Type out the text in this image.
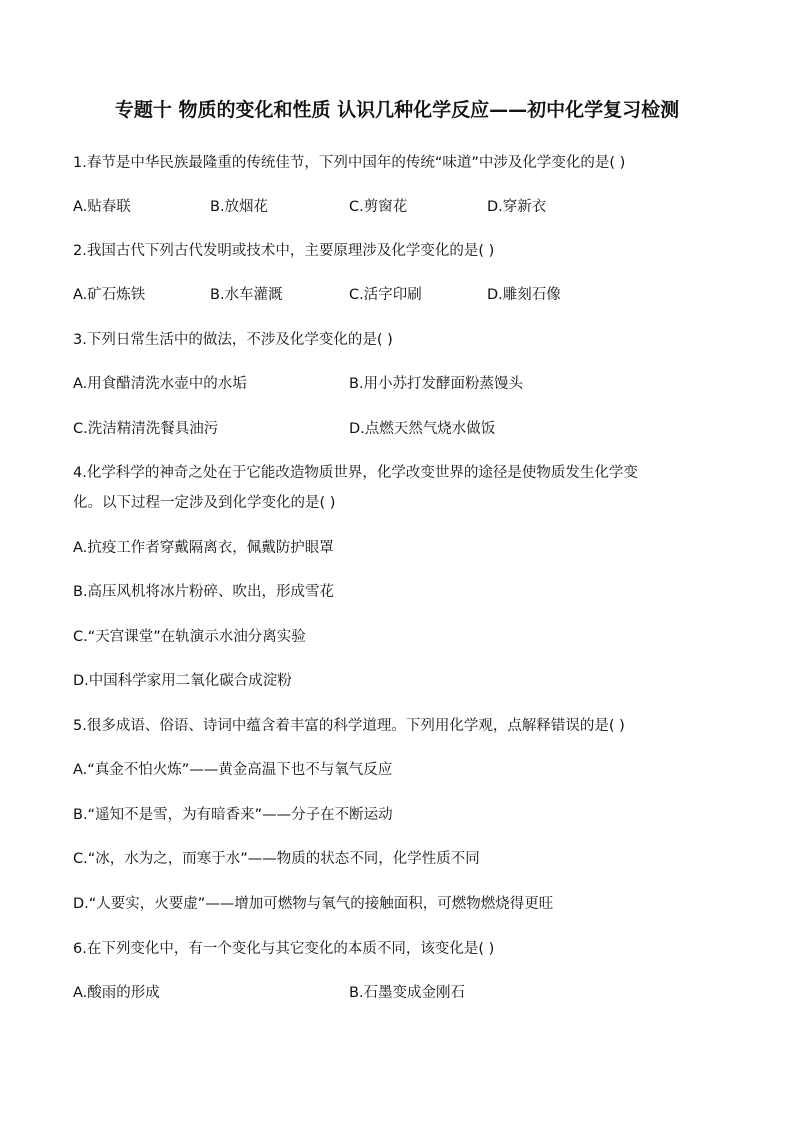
专题十 物质的变化和性质 认识几种化学反应——初中化学复习检测
1.春节是中华民族最隆重的传统佳节，下列中国年的传统“味道”中涉及化学变化的是( )
A.贴春联	B.放烟花	C.剪窗花	D.穿新衣
2.我国古代下列古代发明或技术中，主要原理涉及化学变化的是( )
A.矿石炼铁	B.水车灌溉	C.活字印刷	D.雕刻石像
3.下列日常生活中的做法，不涉及化学变化的是( )
A.用食醋清洗水壶中的水垢	B.用小苏打发酵面粉蒸馒头
C.洗洁精清洗餐具油污	D.点燃天然气烧水做饭
4.化学科学的神奇之处在于它能改造物质世界，化学改变世界的途径是使物质发生化学变
化。以下过程一定涉及到化学变化的是( )
A.抗疫工作者穿戴隔离衣，佩戴防护眼罩
B.高压风机将冰片粉碎、吹出，形成雪花
C.“天宫课堂”在轨演示水油分离实验
D.中国科学家用二氧化碳合成淀粉
5.很多成语、俗语、诗词中蕴含着丰富的科学道理。下列用化学观，点解释错误的是( )
A.“真金不怕火炼”——黄金高温下也不与氧气反应
B.“遥知不是雪，为有暗香来”——分子在不断运动
C.“冰，水为之，而寒于水”——物质的状态不同，化学性质不同
D.“人要实，火要虚”——增加可燃物与氧气的接触面积，可燃物燃烧得更旺
6.在下列变化中，有一个变化与其它变化的本质不同，该变化是( )
A.酸雨的形成	B.石墨变成金刚石
